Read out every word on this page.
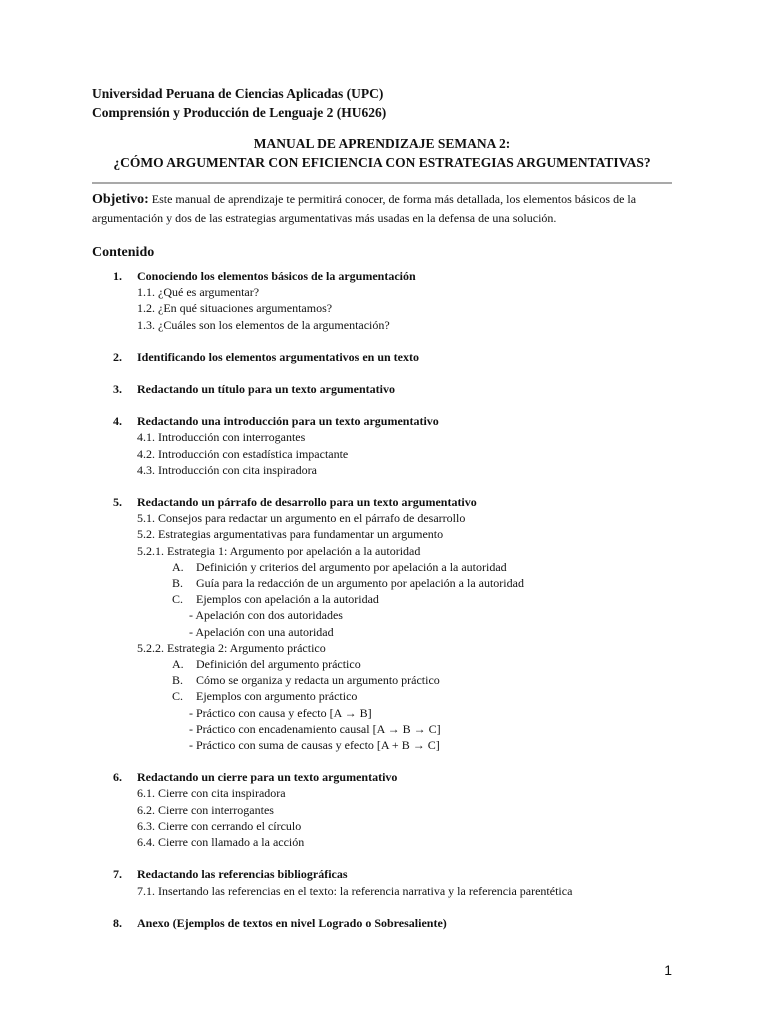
Universidad Peruana de Ciencias Aplicadas (UPC)
Comprensión y Producción de Lenguaje 2 (HU626)
MANUAL DE APRENDIZAJE SEMANA 2:
¿CÓMO ARGUMENTAR CON EFICIENCIA CON ESTRATEGIAS ARGUMENTATIVAS?
Objetivo: Este manual de aprendizaje te permitirá conocer, de forma más detallada, los elementos básicos de la argumentación y dos de las estrategias argumentativas más usadas en la defensa de una solución.
Contenido
1.	Conociendo los elementos básicos de la argumentación
1.1. ¿Qué es argumentar?
1.2. ¿En qué situaciones argumentamos?
1.3. ¿Cuáles son los elementos de la argumentación?
2.	Identificando los elementos argumentativos en un texto
3.	Redactando un título para un texto argumentativo
4.	Redactando una introducción para un texto argumentativo
4.1. Introducción con interrogantes
4.2. Introducción con estadística impactante
4.3. Introducción con cita inspiradora
5.	Redactando un párrafo de desarrollo para un texto argumentativo
5.1. Consejos para redactar un argumento en el párrafo de desarrollo
5.2. Estrategias argumentativas para fundamentar un argumento
5.2.1. Estrategia 1: Argumento por apelación a la autoridad
A.	Definición y criterios del argumento por apelación a la autoridad
B.	Guía para la redacción de un argumento por apelación a la autoridad
C.	Ejemplos con apelación a la autoridad
- Apelación con dos autoridades
- Apelación con una autoridad
5.2.2. Estrategia 2: Argumento práctico
A.	Definición del argumento práctico
B.	Cómo se organiza y redacta un argumento práctico
C.	Ejemplos con argumento práctico
- Práctico con causa y efecto [A → B]
- Práctico con encadenamiento causal [A → B → C]
- Práctico con suma de causas y efecto [A + B → C]
6.	Redactando un cierre para un texto argumentativo
6.1. Cierre con cita inspiradora
6.2. Cierre con interrogantes
6.3. Cierre con cerrando el círculo
6.4. Cierre con llamado a la acción
7.	Redactando las referencias bibliográficas
7.1. Insertando las referencias en el texto: la referencia narrativa y la referencia parentética
8.	Anexo (Ejemplos de textos en nivel Logrado o Sobresaliente)
1
